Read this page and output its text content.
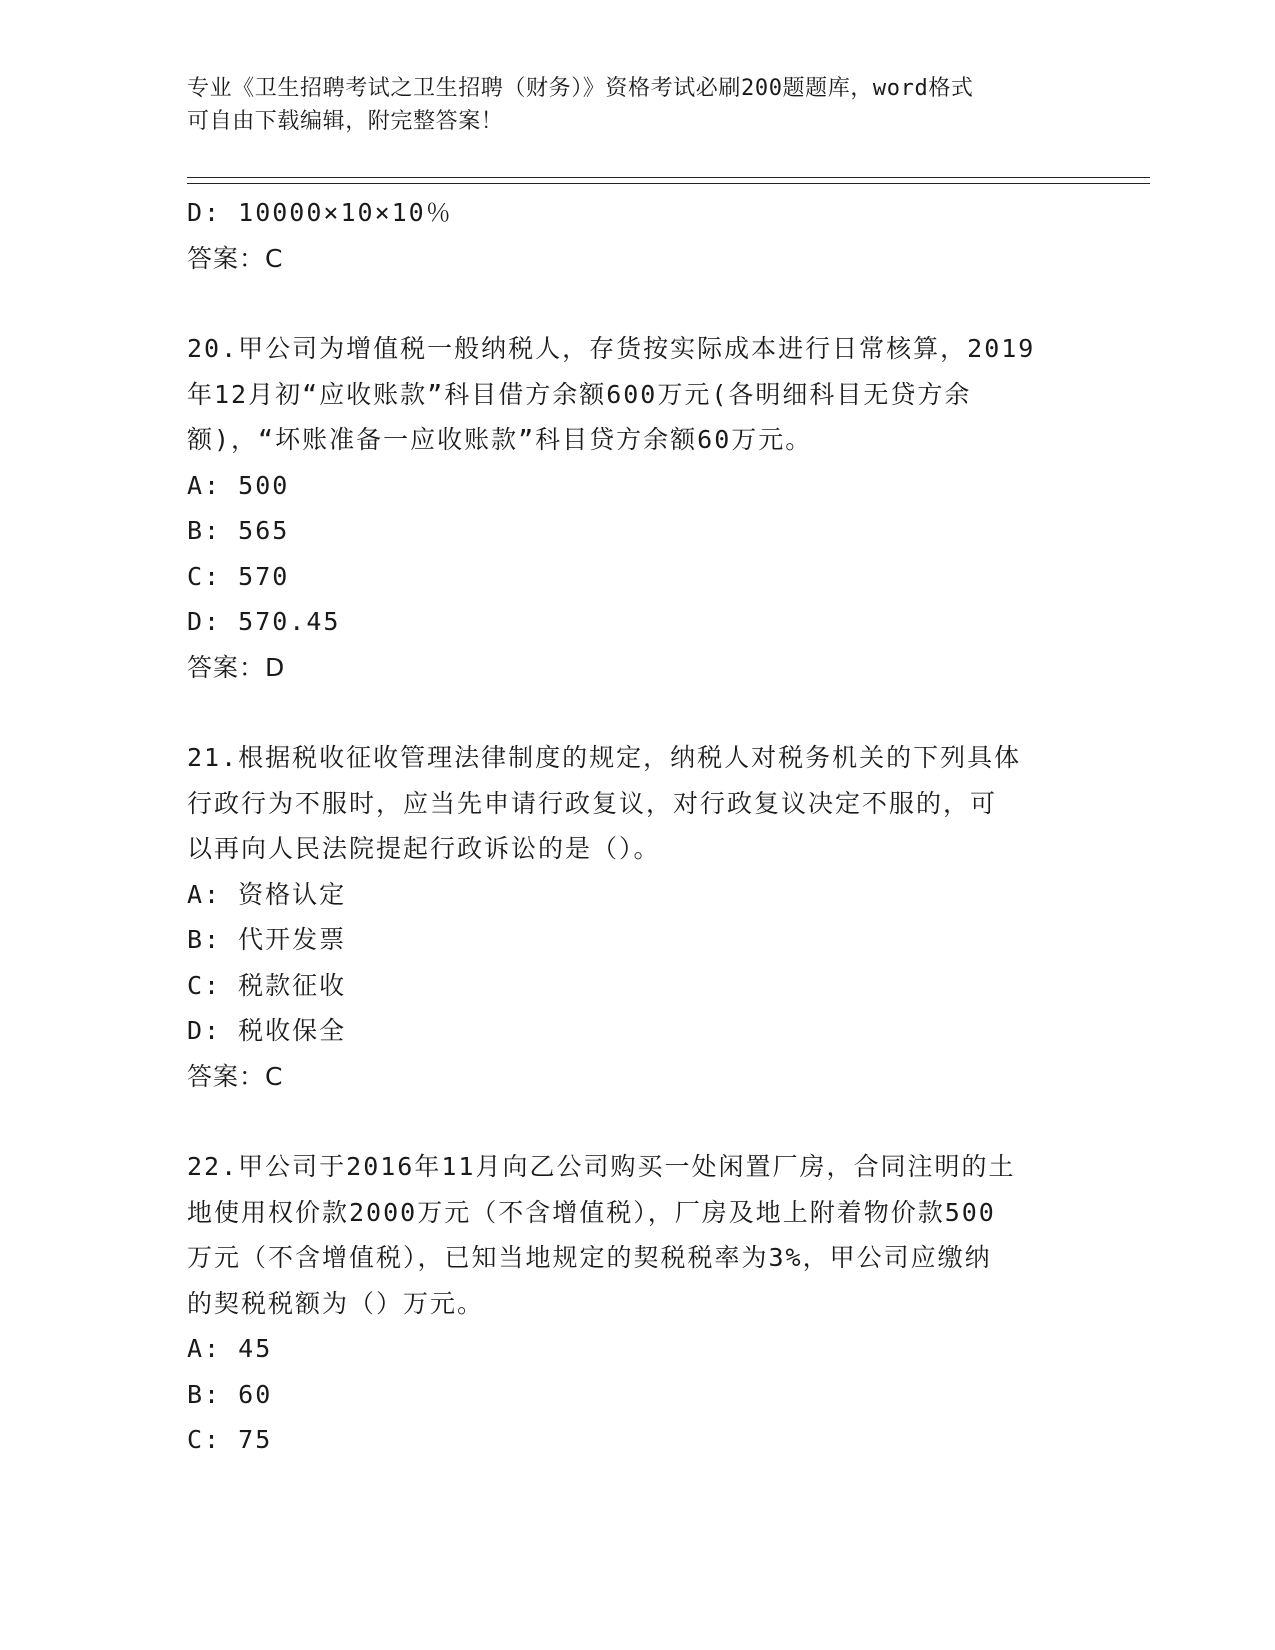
专业《卫生招聘考试之卫生招聘（财务）》资格考试必刷200题题库，word格式
可自由下载编辑，附完整答案！

D: 10000×10×10％

答案：C

20.甲公司为增值税一般纳税人，存货按实际成本进行日常核算，2019

年12月初“应收账款”科目借方余额600万元(各明细科目无贷方余

额)，“坏账准备一应收账款”科目贷方余额60万元。

A: 500

B: 565

C: 570

D: 570.45

答案：D

21.根据税收征收管理法律制度的规定，纳税人对税务机关的下列具体

行政行为不服时，应当先申请行政复议，对行政复议决定不服的，可

以再向人民法院提起行政诉讼的是（）。

A: 资格认定

B: 代开发票

C: 税款征收

D: 税收保全

答案：C

22.甲公司于2016年11月向乙公司购买一处闲置厂房，合同注明的土

地使用权价款2000万元（不含增值税），厂房及地上附着物价款500

万元（不含增值税），已知当地规定的契税税率为3%，甲公司应缴纳

的契税税额为（）万元。

A: 45

B: 60

C: 75
